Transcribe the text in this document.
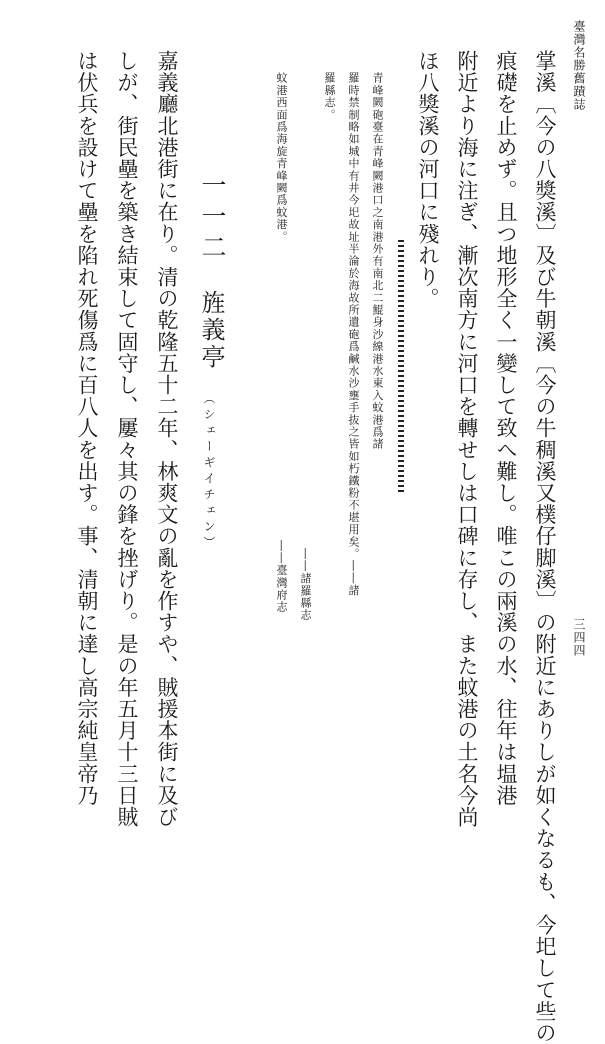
臺灣名勝舊蹟誌
三四四
掌溪〔今の八獎溪〕及び牛朝溪〔今の牛稠溪又樸仔脚溪〕の附近にありしが如くなるも、今圯して些の
痕礎を止めず。且つ地形全く一變して致へ難し。唯この兩溪の水、往年は塭港
附近より海に注ぎ、漸次南方に河口を轉せしは口碑に存し、また蚊港の土名今尚
ほ八獎溪の河口に殘れり。
青峰闕砲臺在青峰闕港口之南港外有南北二鯤身沙線港水東入蚊港爲諸
羅時禁制略如城中有井今圯故址半淪於海故所遺砲爲鹹水沙壅手抜之皆如朽鐵粉不堪用矣。――諸
羅縣志。
――諸羅縣志
蚊港西面爲海旋青峰闕爲蚊港。
――臺灣府志
一一二
旌義亭
（シェーギイチェン）
嘉義廳北港街に在り。清の乾隆五十二年、林爽文の亂を作すや、賊援本街に及び
しが、街民壘を築き結束して固守し、屢々其の鋒を挫げり。是の年五月十三日賊
は伏兵を設けて壘を陷れ死傷爲に百八人を出す。事、清朝に達し高宗純皇帝乃
